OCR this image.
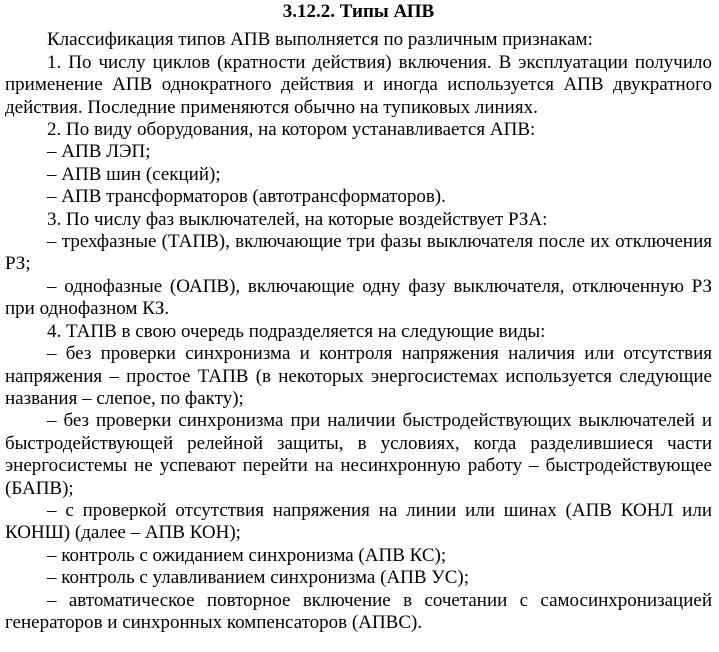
3.12.2. Типы АПВ

Классификация типов АПВ выполняется по различным признакам:

1. По числу циклов (кратности действия) включения. В эксплуатации получило применение АПВ однократного действия и иногда используется АПВ двукратного действия. Последние применяются обычно на тупиковых линиях.

2. По виду оборудования, на котором устанавливается АПВ:

– АПВ ЛЭП;

– АПВ шин (секций);

– АПВ трансформаторов (автотрансформаторов).

3. По числу фаз выключателей, на которые воздействует РЗА:

– трехфазные (ТАПВ), включающие три фазы выключателя после их отключения РЗ;

– однофазные (ОАПВ), включающие одну фазу выключателя, отключенную РЗ при однофазном КЗ.

4. ТАПВ в свою очередь подразделяется на следующие виды:

– без проверки синхронизма и контроля напряжения наличия или отсутствия напряжения – простое ТАПВ (в некоторых энергосистемах используется следующие названия – слепое, по факту);

– без проверки синхронизма при наличии быстродействующих выключателей и быстродействующей релейной защиты, в условиях, когда разделившиеся части энергосистемы не успевают перейти на несинхронную работу – быстродействующее (БАПВ);

– с проверкой отсутствия напряжения на линии или шинах (АПВ КОНЛ или КОНШ) (далее – АПВ КОН);

– контроль с ожиданием синхронизма (АПВ КС);

– контроль с улавливанием синхронизма (АПВ УС);

– автоматическое повторное включение в сочетании с самосинхронизацией генераторов и синхронных компенсаторов (АПВС).
